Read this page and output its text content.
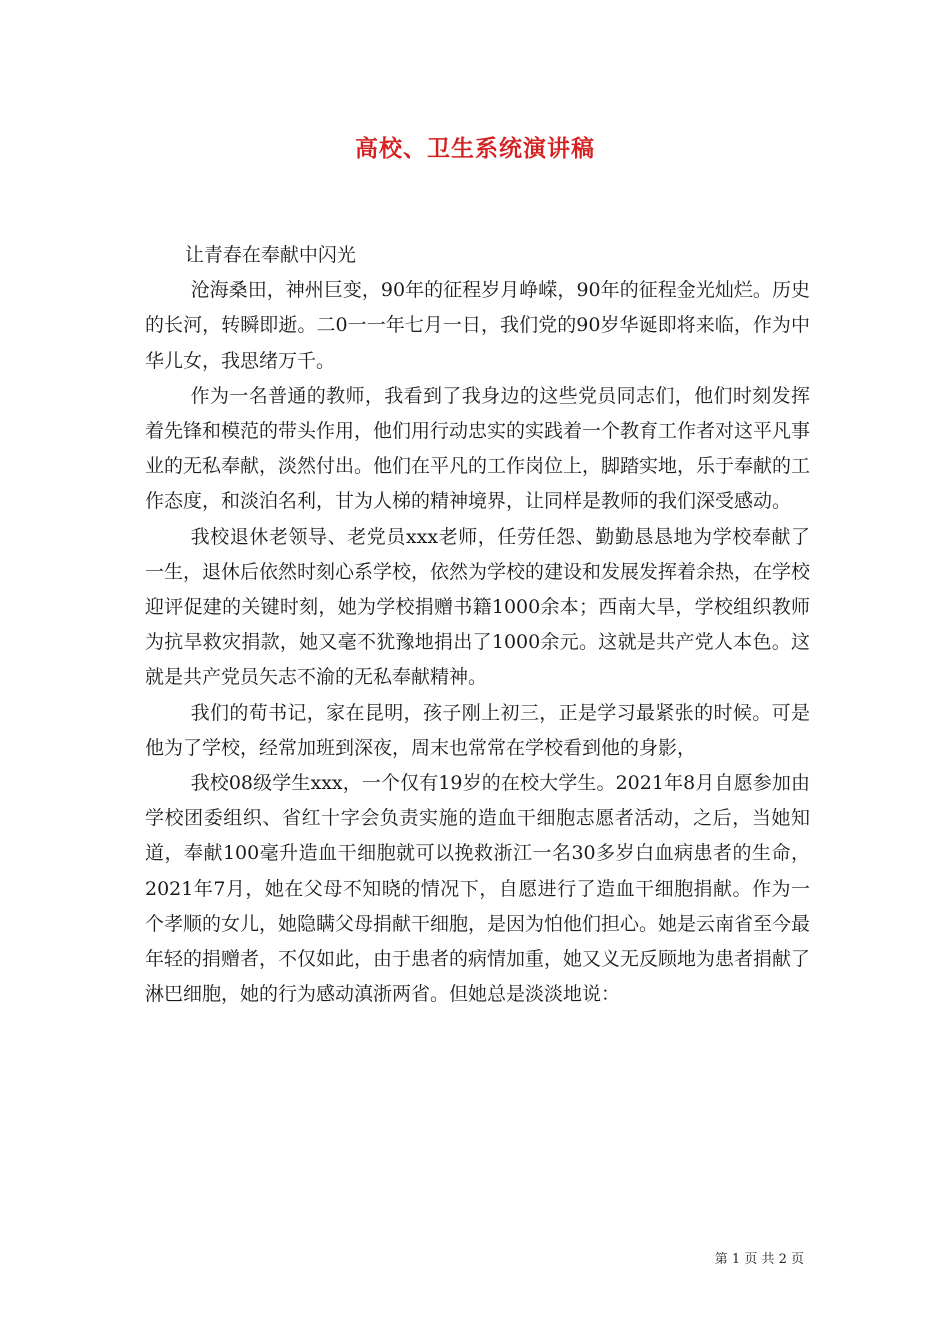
高校、卫生系统演讲稿

让青春在奉献中闪光

沧海桑田，神州巨变，90年的征程岁月峥嵘，90年的征程金光灿烂。历史的长河，转瞬即逝。二0一一年七月一日，我们党的90岁华诞即将来临，作为中华儿女，我思绪万千。

作为一名普通的教师，我看到了我身边的这些党员同志们，他们时刻发挥着先锋和模范的带头作用，他们用行动忠实的实践着一个教育工作者对这平凡事业的无私奉献，淡然付出。他们在平凡的工作岗位上，脚踏实地，乐于奉献的工作态度，和淡泊名利，甘为人梯的精神境界，让同样是教师的我们深受感动。

我校退休老领导、老党员xxx老师，任劳任怨、勤勤恳恳地为学校奉献了一生，退休后依然时刻心系学校，依然为学校的建设和发展发挥着余热，在学校迎评促建的关键时刻，她为学校捐赠书籍1000余本；西南大旱，学校组织教师为抗旱救灾捐款，她又毫不犹豫地捐出了1000余元。这就是共产党人本色。这就是共产党员矢志不渝的无私奉献精神。

我们的荀书记，家在昆明，孩子刚上初三，正是学习最紧张的时候。可是他为了学校，经常加班到深夜，周末也常常在学校看到他的身影，

我校08级学生xxx，一个仅有19岁的在校大学生。2021年8月自愿参加由学校团委组织、省红十字会负责实施的造血干细胞志愿者活动，之后，当她知道，奉献100毫升造血干细胞就可以挽救浙江一名30多岁白血病患者的生命，2021年7月，她在父母不知晓的情况下，自愿进行了造血干细胞捐献。作为一个孝顺的女儿，她隐瞒父母捐献干细胞，是因为怕他们担心。她是云南省至今最年轻的捐赠者，不仅如此，由于患者的病情加重，她又义无反顾地为患者捐献了淋巴细胞，她的行为感动滇浙两省。但她总是淡淡地说：

第 1 页 共 2 页
